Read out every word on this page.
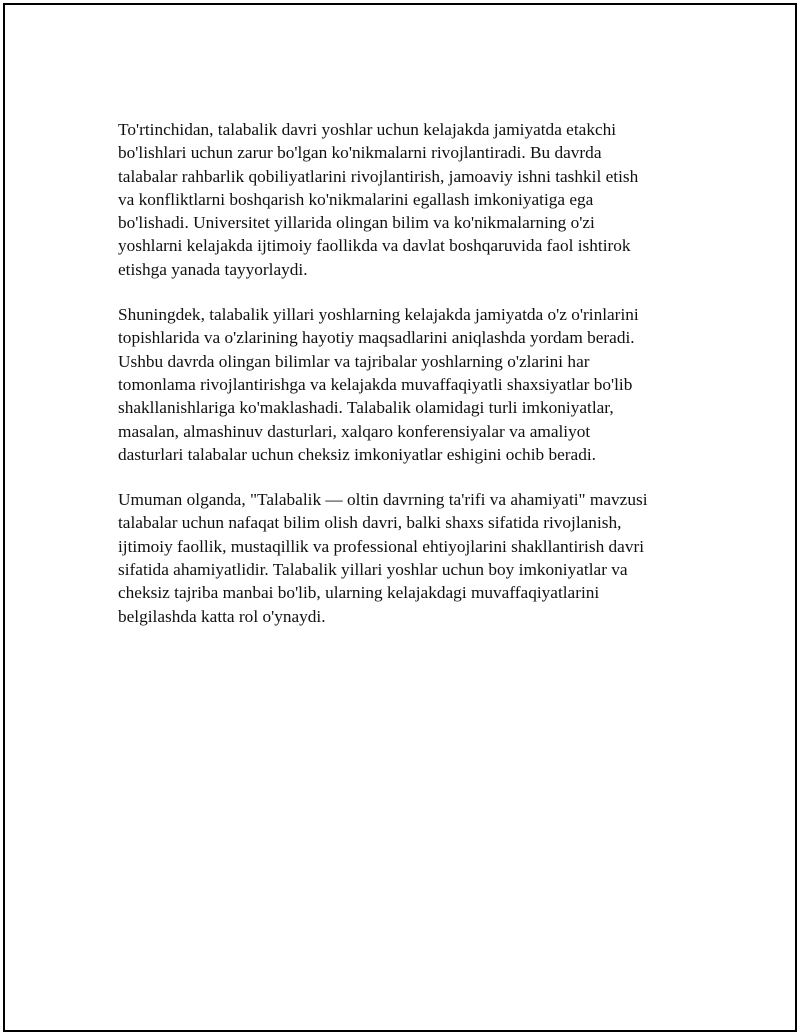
To'rtinchidan, talabalik davri yoshlar uchun kelajakda jamiyatda etakchi
bo'lishlari uchun zarur bo'lgan ko'nikmalarni rivojlantiradi. Bu davrda
talabalar rahbarlik qobiliyatlarini rivojlantirish, jamoaviy ishni tashkil etish
va konfliktlarni boshqarish ko'nikmalarini egallash imkoniyatiga ega
bo'lishadi. Universitet yillarida olingan bilim va ko'nikmalarning o'zi
yoshlarni kelajakda ijtimoiy faollikda va davlat boshqaruvida faol ishtirok
etishga yanada tayyorlaydi.

Shuningdek, talabalik yillari yoshlarning kelajakda jamiyatda o'z o'rinlarini
topishlarida va o'zlarining hayotiy maqsadlarini aniqlashda yordam beradi.
Ushbu davrda olingan bilimlar va tajribalar yoshlarning o'zlarini har
tomonlama rivojlantirishga va kelajakda muvaffaqiyatli shaxsiyatlar bo'lib
shakllanishlariga ko'maklashadi. Talabalik olamidagi turli imkoniyatlar,
masalan, almashinuv dasturlari, xalqaro konferensiyalar va amaliyot
dasturlari talabalar uchun cheksiz imkoniyatlar eshigini ochib beradi.

Umuman olganda, "Talabalik — oltin davrning ta'rifi va ahamiyati" mavzusi
talabalar uchun nafaqat bilim olish davri, balki shaxs sifatida rivojlanish,
ijtimoiy faollik, mustaqillik va professional ehtiyojlarini shakllantirish davri
sifatida ahamiyatlidir. Talabalik yillari yoshlar uchun boy imkoniyatlar va
cheksiz tajriba manbai bo'lib, ularning kelajakdagi muvaffaqiyatlarini
belgilashda katta rol o'ynaydi.
